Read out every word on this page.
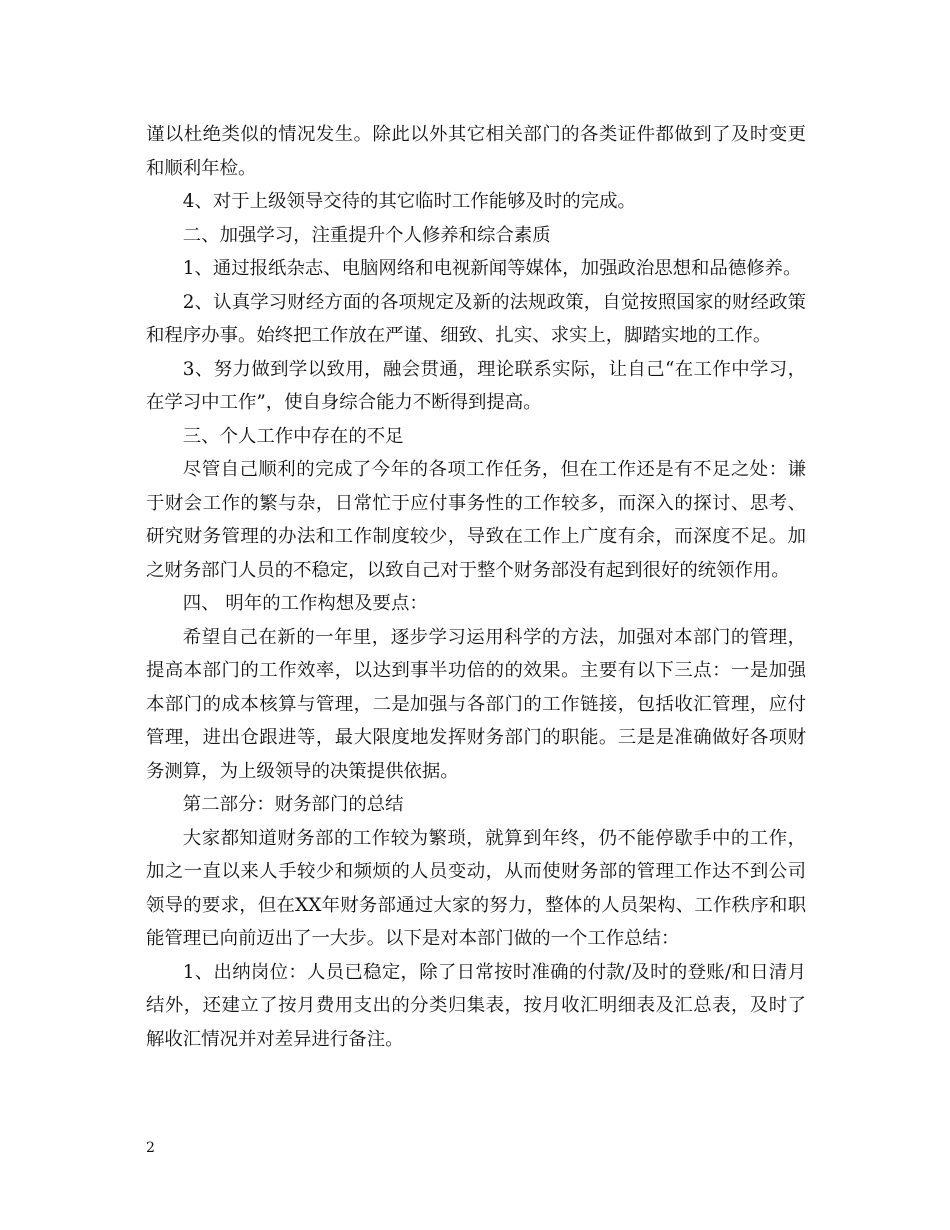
谨以杜绝类似的情况发生。除此以外其它相关部门的各类证件都做到了及时变更和顺利年检。

4、对于上级领导交待的其它临时工作能够及时的完成。

二、加强学习，注重提升个人修养和综合素质

1、通过报纸杂志、电脑网络和电视新闻等媒体，加强政治思想和品德修养。

2、认真学习财经方面的各项规定及新的法规政策，自觉按照国家的财经政策和程序办事。始终把工作放在严谨、细致、扎实、求实上，脚踏实地的工作。

3、努力做到学以致用，融会贯通，理论联系实际，让自己“在工作中学习，在学习中工作”，使自身综合能力不断得到提高。

三、个人工作中存在的不足

尽管自己顺利的完成了今年的各项工作任务，但在工作还是有不足之处：谦于财会工作的繁与杂，日常忙于应付事务性的工作较多，而深入的探讨、思考、研究财务管理的办法和工作制度较少，导致在工作上广度有余，而深度不足。加之财务部门人员的不稳定，以致自己对于整个财务部没有起到很好的统领作用。

四、 明年的工作构想及要点：

希望自己在新的一年里，逐步学习运用科学的方法，加强对本部门的管理，提高本部门的工作效率，以达到事半功倍的的效果。主要有以下三点：一是加强本部门的成本核算与管理，二是加强与各部门的工作链接，包括收汇管理，应付管理，进出仓跟进等，最大限度地发挥财务部门的职能。三是是准确做好各项财务测算，为上级领导的决策提供依据。

第二部分：财务部门的总结

大家都知道财务部的工作较为繁琐，就算到年终，仍不能停歇手中的工作，加之一直以来人手较少和频烦的人员变动，从而使财务部的管理工作达不到公司领导的要求，但在XX年财务部通过大家的努力，整体的人员架构、工作秩序和职能管理已向前迈出了一大步。以下是对本部门做的一个工作总结：

1、出纳岗位：人员已稳定，除了日常按时准确的付款/及时的登账/和日清月结外，还建立了按月费用支出的分类归集表，按月收汇明细表及汇总表，及时了解收汇情况并对差异进行备注。

2
